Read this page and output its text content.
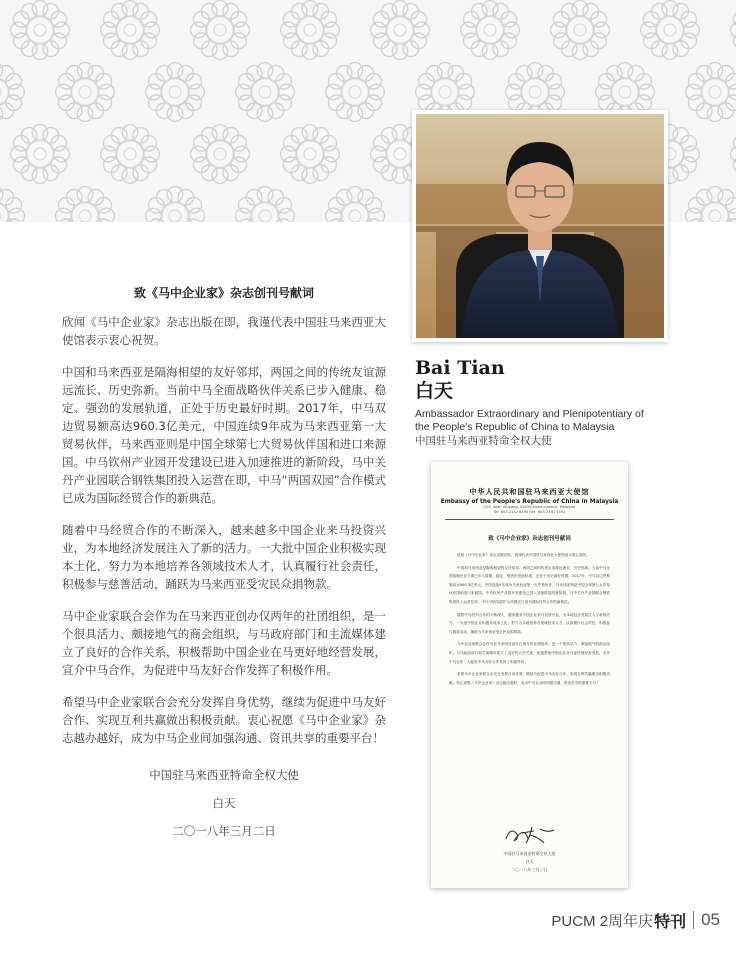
Bai Tian
白天
Ambassador Extraordinary and Plenipotentiary of the People's Republic of China to Malaysia
中国驻马来西亚特命全权大使
致《马中企业家》杂志创刊号献词

欣闻《马中企业家》杂志出版在即，我谨代表中国驻马来西亚大使馆表示衷心祝贺。

中国和马来西亚是隔海相望的友好邻邦，两国之间的传统友谊源远流长、历史弥新。当前中马全面战略伙伴关系已步入健康、稳定、强劲的发展轨道，正处于历史最好时期。2017年，中马双边贸易额高达960.3亿美元，中国连续9年成为马来西亚第一大贸易伙伴，马来西亚则是中国全球第七大贸易伙伴国和进口来源国。中马钦州产业园开发建设已进入加速推进的新阶段，马中关丹产业园联合钢铁集团投入运营在即，中马“两国双园”合作模式已成为国际经贸合作的新典范。

随着中马经贸合作的不断深入，越来越多中国企业来马投资兴业，为本地经济发展注入了新的活力。一大批中国企业积极实现本土化，努力为本地培养各领域技术人才，认真履行社会责任，积极参与慈善活动，踊跃为马来西亚受灾民众捐物款。

马中企业家联合会作为在马来西亚创办仅两年的社团组织，是一个很具活力、颇接地气的商会组织，与马政府部门和主流媒体建立了良好的合作关系，积极帮助中国企业在马更好地经营发展，宣介中马合作，为促进中马友好合作发挥了积极作用。

希望马中企业家联合会充分发挥自身优势，继续为促进中马友好合作、实现互利共赢做出积极贡献。衷心祝愿《马中企业家》杂志越办越好，成为中马企业间加强沟通、资讯共享的重要平台！

中国驻马来西亚特命全权大使
白天
二〇一八年三月二日
中华人民共和国驻马来西亚大使馆
Embassy of the People's Republic of China in Malaysia
229, Jalan Ampang, 50450 Kuala Lumpur, Malaysia
Tel: 603-2142 8495 Fax: 603-2141 4552
致《马中企业家》杂志创刊号献词

欣闻《马中企业家》杂志出版在即，我谨代表中国驻马来西亚大使馆表示衷心祝贺。

中国和马来西亚是隔海相望的友好邻邦，两国之间的传统友谊源远流长、历史弥新。当前中马全面战略伙伴关系已步入健康、稳定、强劲的发展轨道，正处于历史最好时期。2017年，中马双边贸易额高达960.3亿美元，中国连续9年成为马来西亚第一大贸易伙伴，马来西亚则是中国全球第七大贸易伙伴国和进口来源国。中马钦州产业园开发建设已进入加速推进的新阶段，马中关丹产业园联合钢铁集团投入运营在即，中马“两国双园”合作模式已成为国际经贸合作的新典范。

随着中马经贸合作的不断深入，越来越多中国企业来马投资兴业，为本地经济发展注入了新的活力。一大批中国企业积极实现本土化，努力为本地培养各领域技术人才，认真履行社会责任，积极参与慈善活动，踊跃为马来西亚受灾民众捐物款。

马中企业家联合会作为在马来西亚创办仅两年的社团组织，是一个很具活力、颇接地气的商会组织，与马政府部门和主流媒体建立了良好的合作关系，积极帮助中国企业在马更好地经营发展，宣介中马合作，为促进中马友好合作发挥了积极作用。

希望马中企业家联合会充分发挥自身优势，继续为促进中马友好合作、实现互利共赢做出积极贡献。衷心祝愿《马中企业家》杂志越办越好，成为中马企业间加强沟通、资讯共享的重要平台！

中国驻马来西亚特命全权大使
白天
二〇一八年三月二日
PUCM 2周年庆 特刊 05
